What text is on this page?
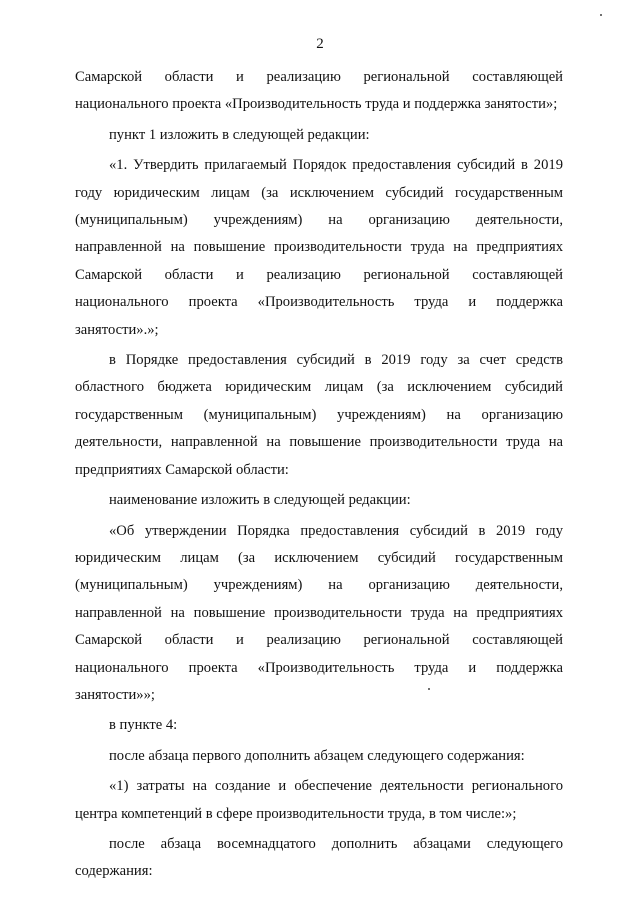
2

Самарской области и реализацию региональной составляющей национального проекта «Производительность труда и поддержка занятости»;

пункт 1 изложить в следующей редакции:

«1. Утвердить прилагаемый Порядок предоставления субсидий в 2019 году юридическим лицам (за исключением субсидий государственным (муниципальным) учреждениям) на организацию деятельности, направленной на повышение производительности труда на предприятиях Самарской области и реализацию региональной составляющей национального проекта «Производительность труда и поддержка занятости».»;

в Порядке предоставления субсидий в 2019 году за счет средств областного бюджета юридическим лицам (за исключением субсидий государственным (муниципальным) учреждениям) на организацию деятельности, направленной на повышение производительности труда на предприятиях Самарской области:

наименование изложить в следующей редакции:

«Об утверждении Порядка предоставления субсидий в 2019 году юридическим лицам (за исключением субсидий государственным (муниципальным) учреждениям) на организацию деятельности, направленной на повышение производительности труда на предприятиях Самарской области и реализацию региональной составляющей национального проекта «Производительность труда и поддержка занятости»»;

в пункте 4:

после абзаца первого дополнить абзацем следующего содержания:

«1) затраты на создание и обеспечение деятельности регионального центра компетенций в сфере производительности труда, в том числе:»;

после абзаца восемнадцатого дополнить абзацами следующего содержания:
